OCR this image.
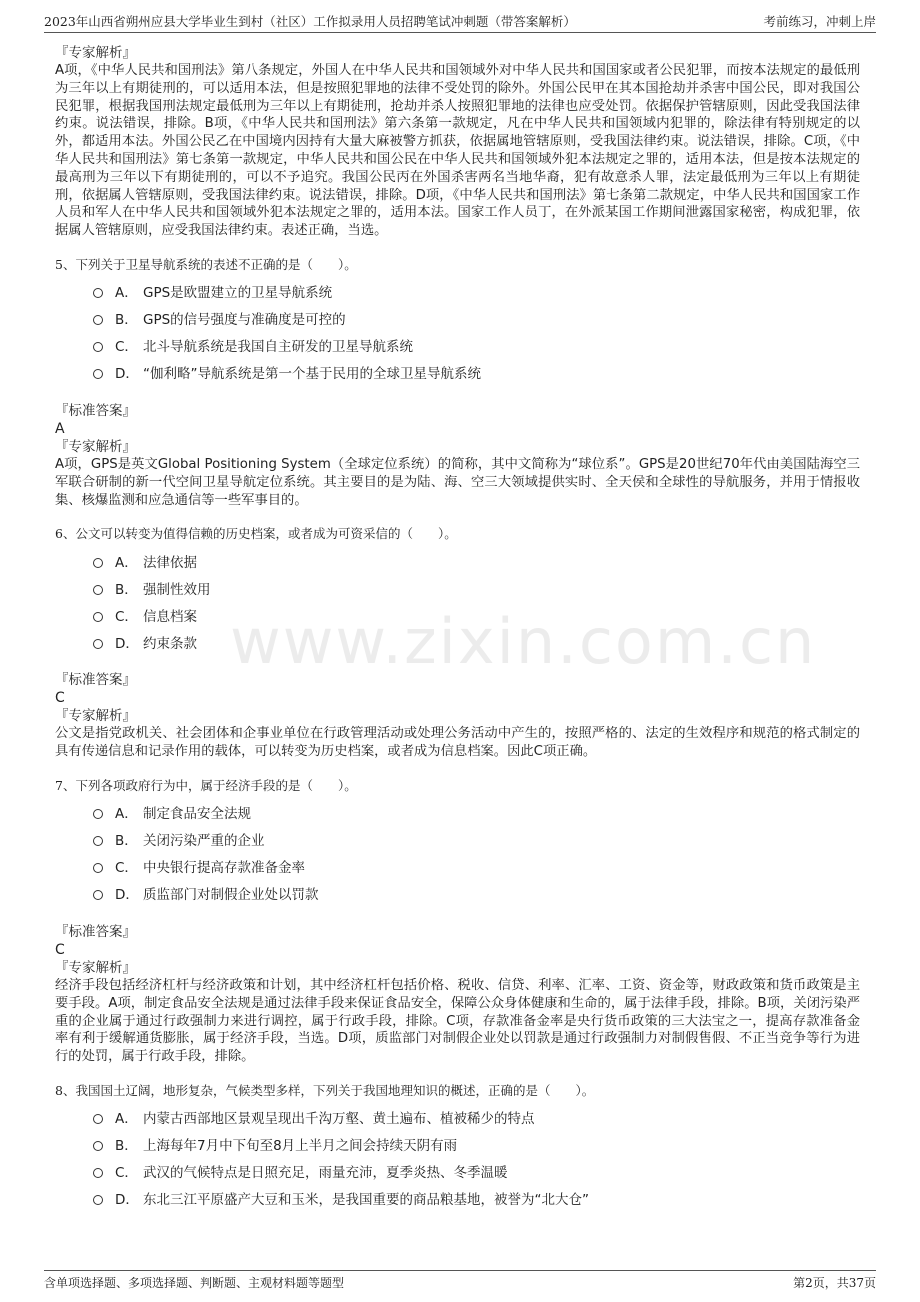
2023年山西省朔州应县大学毕业生到村（社区）工作拟录用人员招聘笔试冲刺题（带答案解析）	考前练习，冲刺上岸
www.zixin.com.cn

『专家解析』

A项，《中华人民共和国刑法》第八条规定，外国人在中华人民共和国领域外对中华人民共和国国家或者公民犯罪，而按本法规定的最低刑为三年以上有期徒刑的，可以适用本法，但是按照犯罪地的法律不受处罚的除外。外国公民甲在其本国抢劫并杀害中国公民，即对我国公民犯罪，根据我国刑法规定最低刑为三年以上有期徒刑，抢劫并杀人按照犯罪地的法律也应受处罚。依据保护管辖原则，因此受我国法律约束。说法错误，排除。B项，《中华人民共和国刑法》第六条第一款规定，凡在中华人民共和国领域内犯罪的，除法律有特别规定的以外，都适用本法。外国公民乙在中国境内因持有大量大麻被警方抓获，依据属地管辖原则，受我国法律约束。说法错误，排除。C项，《中华人民共和国刑法》第七条第一款规定，中华人民共和国公民在中华人民共和国领域外犯本法规定之罪的，适用本法，但是按本法规定的最高刑为三年以下有期徒刑的，可以不予追究。我国公民丙在外国杀害两名当地华裔，犯有故意杀人罪，法定最低刑为三年以上有期徒刑，依据属人管辖原则，受我国法律约束。说法错误，排除。D项，《中华人民共和国刑法》第七条第二款规定，中华人民共和国国家工作人员和军人在中华人民共和国领域外犯本法规定之罪的，适用本法。国家工作人员丁，在外派某国工作期间泄露国家秘密，构成犯罪，依据属人管辖原则，应受我国法律约束。表述正确，当选。

5、下列关于卫星导航系统的表述不正确的是（　　）。

A． GPS是欧盟建立的卫星导航系统
B． GPS的信号强度与准确度是可控的
C． 北斗导航系统是我国自主研发的卫星导航系统
D． “伽利略”导航系统是第一个基于民用的全球卫星导航系统

『标准答案』

A

『专家解析』

A项，GPS是英文Global Positioning System（全球定位系统）的简称，其中文简称为“球位系”。GPS是20世纪70年代由美国陆海空三军联合研制的新一代空间卫星导航定位系统。其主要目的是为陆、海、空三大领域提供实时、全天侯和全球性的导航服务，并用于情报收集、核爆监测和应急通信等一些军事目的。

6、公文可以转变为值得信赖的历史档案，或者成为可资采信的（　　）。

A． 法律依据
B． 强制性效用
C． 信息档案
D． 约束条款

『标准答案』

C

『专家解析』

公文是指党政机关、社会团体和企事业单位在行政管理活动或处理公务活动中产生的，按照严格的、法定的生效程序和规范的格式制定的具有传递信息和记录作用的载体，可以转变为历史档案，或者成为信息档案。因此C项正确。

7、下列各项政府行为中，属于经济手段的是（　　）。

A． 制定食品安全法规
B． 关闭污染严重的企业
C． 中央银行提高存款准备金率
D． 质监部门对制假企业处以罚款

『标准答案』

C

『专家解析』

经济手段包括经济杠杆与经济政策和计划，其中经济杠杆包括价格、税收、信贷、利率、汇率、工资、资金等，财政政策和货币政策是主要手段。A项，制定食品安全法规是通过法律手段来保证食品安全，保障公众身体健康和生命的，属于法律手段，排除。B项，关闭污染严重的企业属于通过行政强制力来进行调控，属于行政手段，排除。C项，存款准备金率是央行货币政策的三大法宝之一，提高存款准备金率有利于缓解通货膨胀，属于经济手段，当选。D项，质监部门对制假企业处以罚款是通过行政强制力对制假售假、不正当竞争等行为进行的处罚，属于行政手段，排除。

8、我国国土辽阔，地形复杂，气候类型多样，下列关于我国地理知识的概述，正确的是（　　）。

A． 内蒙古西部地区景观呈现出千沟万壑、黄土遍布、植被稀少的特点
B． 上海每年7月中下旬至8月上半月之间会持续天阴有雨
C． 武汉的气候特点是日照充足，雨量充沛，夏季炎热、冬季温暖
D． 东北三江平原盛产大豆和玉米，是我国重要的商品粮基地，被誉为“北大仓”
含单项选择题、多项选择题、判断题、主观材料题等题型	第2页，共37页
